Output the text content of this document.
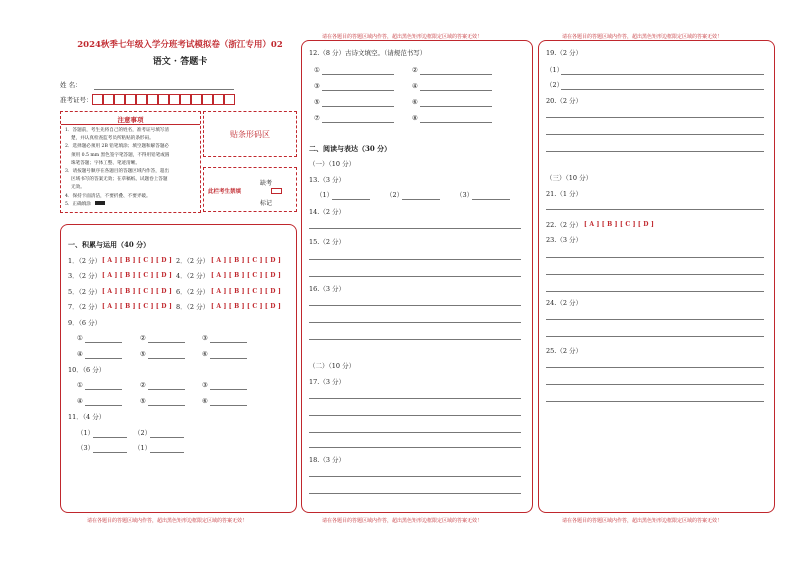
2024秋季七年级入学分班考试模拟卷（浙江专用）02
语文 · 答题卡
姓 名：
准考证号：
注意事项
1．答题前，考生先将自己的姓名，准考证号填写清
楚，并认真检查监考员所粘贴的条形码。
2．选择题必须用 2B 铅笔填涂；填空题和解答题必
须用 0.5 mm 黑色签字笔答题，不得用铅笔或圆
珠笔答题；字体工整、笔迹清晰。
3．请按题号顺序在各题目的答题区域内作答，超出
区域书写的答案无效；在草稿纸、试题卷上答题
无效。
4．保持卡面清洁，不要折叠、不要弄破。
5．正确填涂
贴条形码区
此栏考生禁填
缺考
标记
一、积累与运用（40 分）
1．（2 分） [ A ] [ B ] [ C ] [ D ] 2．（2 分） [ A ] [ B ] [ C ] [ D ]
3．（2 分） [ A ] [ B ] [ C ] [ D ] 4．（2 分） [ A ] [ B ] [ C ] [ D ]
5．（2 分） [ A ] [ B ] [ C ] [ D ] 6．（2 分） [ A ] [ B ] [ C ] [ D ]
7．（2 分） [ A ] [ B ] [ C ] [ D ] 8．（2 分） [ A ] [ B ] [ C ] [ D ]
9．（6 分）
①	②	③
④	⑤	⑥
10．（6 分）
①	②	③
④	⑤	⑥
11．（4 分）
（1）	（2）
（3）	（1）
请在各题目的答题区域内作答，超出黑色矩形边框限定区域的答案无效！
请在各题目的答题区域内作答，超出黑色矩形边框限定区域的答案无效！
12.（8 分）古诗文填空。（请规范书写）
①	②
③	④
⑤	⑥
⑦	⑧
二、阅读与表达（30 分）
（一）（10 分）
13.（3 分）
（1）	（2）	（3）
14.（2 分）
15.（2 分）
16.（3 分）
（二）（10 分）
17.（3 分）
18.（3 分）
请在各题目的答题区域内作答，超出黑色矩形边框限定区域的答案无效！
请在各题目的答题区域内作答，超出黑色矩形边框限定区域的答案无效！
19.（2 分）
（1）
（2）
20.（2 分）
（三）（10 分）
21.（1 分）
22.（2 分） [ A ] [ B ] [ C ] [ D ]
23.（3 分）
24.（2 分）
25.（2 分）
请在各题目的答题区域内作答，超出黑色矩形边框限定区域的答案无效！
